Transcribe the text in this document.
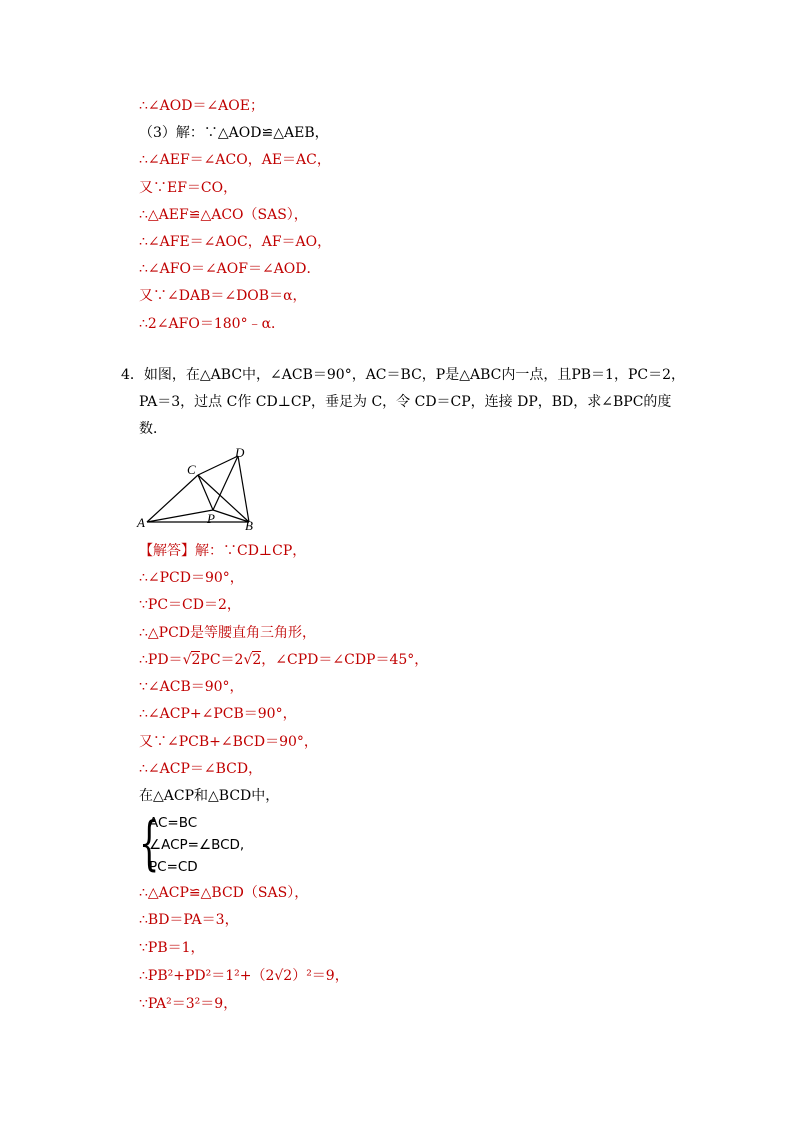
∴∠AOD＝∠AOE；
（3）解：∵△AOD≌△AEB，
∴∠AEF＝∠ACO，AE＝AC，
又∵EF＝CO，
∴△AEF≌△ACO（SAS），
∴∠AFE＝∠AOC，AF＝AO，
∴∠AFO＝∠AOF＝∠AOD．
又∵∠DAB＝∠DOB＝α，
∴2∠AFO＝180°﹣α．
4．如图，在△ABC中，∠ACB＝90°，AC＝BC，P是△ABC内一点，且PB＝1，PC＝2，
PA＝3，过点 C作 CD⊥CP，垂足为 C，令 CD＝CP，连接 DP，BD，求∠BPC的度
数．
A	B
C
D
P
【解答】解：∵CD⊥CP，
∴∠PCD＝90°，
∵PC＝CD＝2，
∴△PCD是等腰直角三角形，
∴PD＝√2PC＝2√2，∠CPD＝∠CDP＝45°，
∵∠ACB＝90°，
∴∠ACP+∠PCB＝90°，
又∵∠PCB+∠BCD＝90°，
∴∠ACP＝∠BCD，
在△ACP和△BCD中，
{
AC=BC
∠ACP=∠BCD,
PC=CD
∴△ACP≌△BCD（SAS），
∴BD＝PA＝3，
∵PB＝1，
∴PB²+PD²＝1²+（2√2）²＝9，
∵PA²＝3²＝9，
